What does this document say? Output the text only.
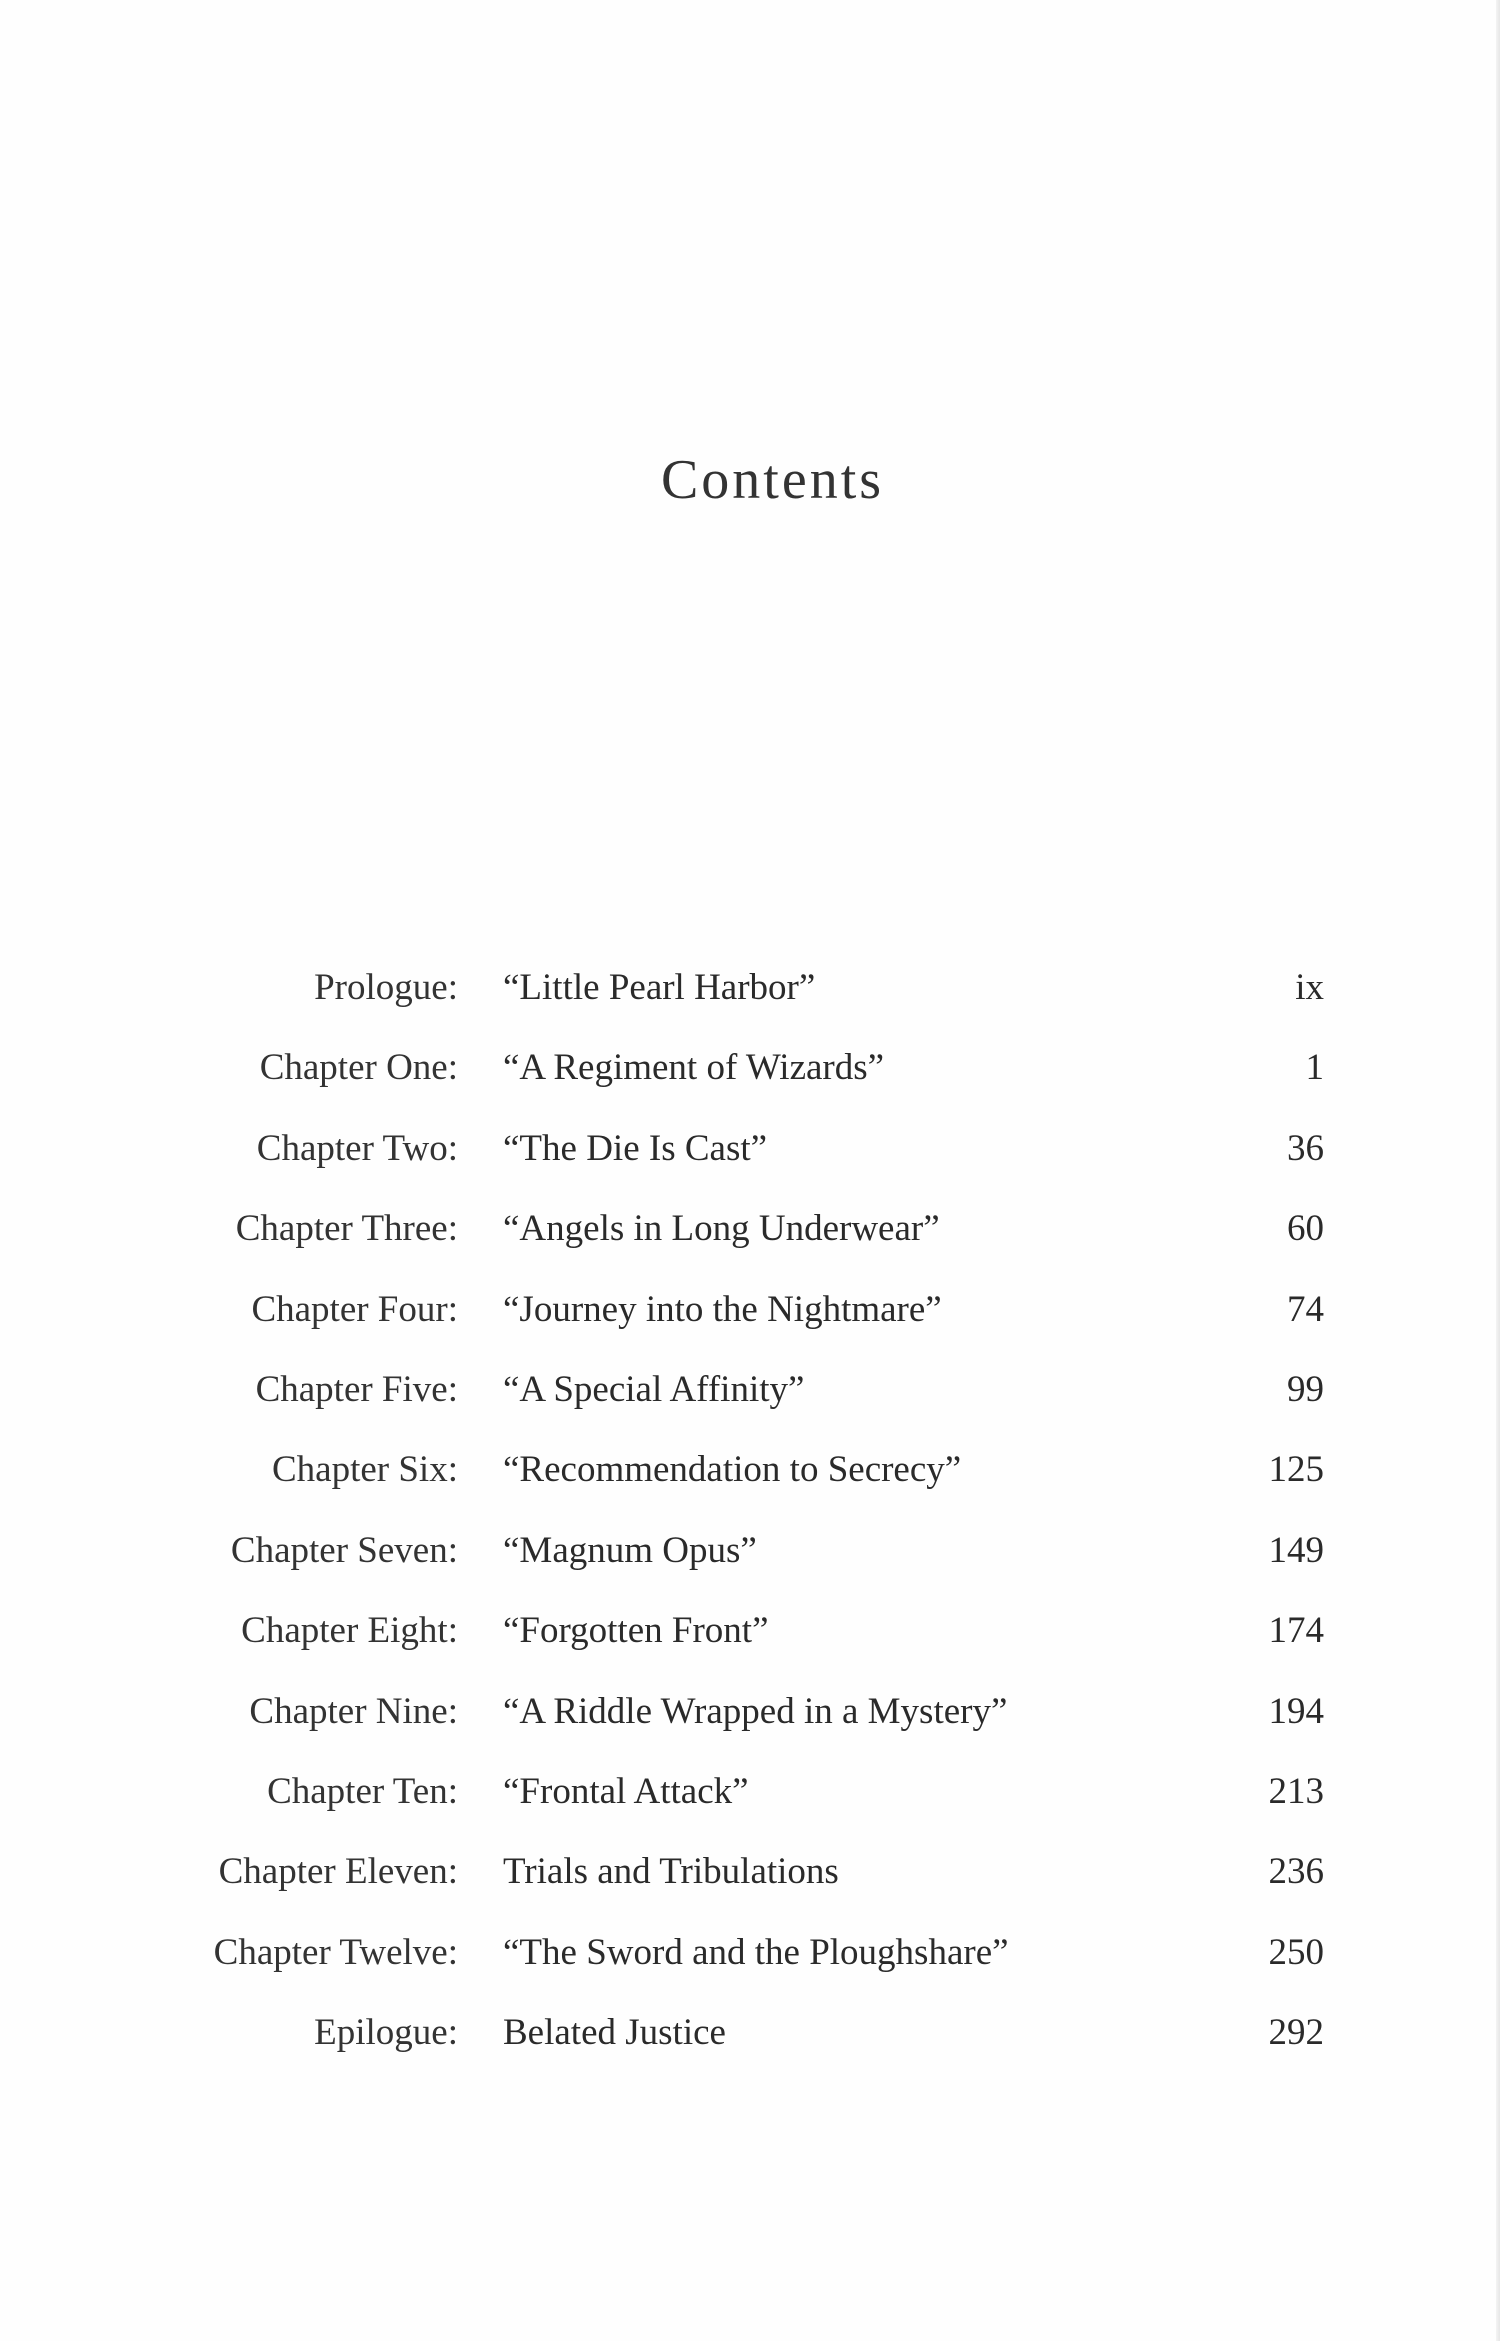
Contents
Prologue: “Little Pearl Harbor”	ix
Chapter One: “A Regiment of Wizards”	1
Chapter Two: “The Die Is Cast”	36
Chapter Three: “Angels in Long Underwear”	60
Chapter Four: “Journey into the Nightmare”	74
Chapter Five: “A Special Affinity”	99
Chapter Six: “Recommendation to Secrecy”	125
Chapter Seven: “Magnum Opus”	149
Chapter Eight: “Forgotten Front”	174
Chapter Nine: “A Riddle Wrapped in a Mystery”	194
Chapter Ten: “Frontal Attack”	213
Chapter Eleven: Trials and Tribulations	236
Chapter Twelve: “The Sword and the Ploughshare”	250
Epilogue: Belated Justice	292
